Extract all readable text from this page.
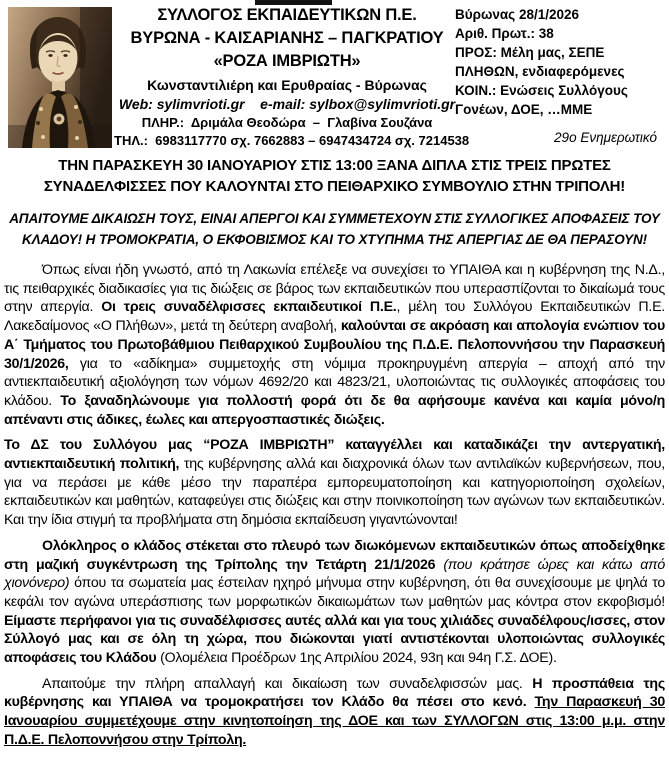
ΣΥΛΛΟΓΟΣ ΕΚΠΑΙΔΕΥΤΙΚΩΝ Π.Ε.
ΒΥΡΩΝΑ - ΚΑΙΣΑΡΙΑΝΗΣ – ΠΑΓΚΡΑΤΙΟΥ
«ΡΟΖΑ ΙΜΒΡΙΩΤΗ»
Κωνσταντιλιέρη και Ερυθραίας - Βύρωνας
Web: sylimvrioti.gr    e-mail: sylbox@sylimvrioti.gr
ΠΛΗΡ.:  Δριμάλα Θεοδώρα  –  Γλαβίνα Σουζάνα
ΤΗΛ.:  6983117770 σχ. 7662883 – 6947434724 σχ. 7214538
Βύρωνας 28/1/2026
Αριθ. Πρωτ.: 38
ΠΡΟΣ: Μέλη μας, ΣΕΠΕ
ΠΛΗΘΩΝ, ενδιαφερόμενες
ΚΟΙΝ.: Ενώσεις Συλλόγους
Γονέων, ΔΟΕ, …ΜΜΕ
29ο Ενημερωτικό
ΤΗΝ ΠΑΡΑΣΚΕΥΗ 30 ΙΑΝΟΥΑΡΙΟΥ ΣΤΙΣ 13:00 ΞΑΝΑ ΔΙΠΛΑ ΣΤΙΣ ΤΡΕΙΣ ΠΡΩΤΕΣ ΣΥΝΑΔΕΛΦΙΣΣΕΣ ΠΟΥ ΚΑΛΟΥΝΤΑΙ ΣΤΟ ΠΕΙΘΑΡΧΙΚΟ ΣΥΜΒΟΥΛΙΟ ΣΤΗΝ ΤΡΙΠΟΛΗ!
ΑΠΑΙΤΟΥΜΕ ΔΙΚΑΙΩΣΗ ΤΟΥΣ, ΕΙΝΑΙ ΑΠΕΡΓΟΙ ΚΑΙ ΣΥΜΜΕΤΕΧΟΥΝ ΣΤΙΣ ΣΥΛΛΟΓΙΚΕΣ ΑΠΟΦΑΣΕΙΣ ΤΟΥ ΚΛΑΔΟΥ! Η ΤΡΟΜΟΚΡΑΤΙΑ, Ο ΕΚΦΟΒΙΣΜΟΣ ΚΑΙ ΤΟ ΧΤΥΠΗΜΑ ΤΗΣ ΑΠΕΡΓΙΑΣ ΔΕ ΘΑ ΠΕΡΑΣΟΥΝ!

Όπως είναι ήδη γνωστό, από τη Λακωνία επέλεξε να συνεχίσει το ΥΠΑΙΘΑ και η κυβέρνηση της Ν.Δ., τις πειθαρχικές διαδικασίες για τις διώξεις σε βάρος των εκπαιδευτικών που υπερασπίζονται το δικαίωμά τους στην απεργία. Οι τρεις συναδέλφισσες εκπαιδευτικοί Π.Ε., μέλη του Συλλόγου Εκπαιδευτικών Π.Ε. Λακεδαίμονος «Ο Πλήθων», μετά τη δεύτερη αναβολή, καλούνται σε ακρόαση και απολογία ενώπιον του Α΄ Τμήματος του Πρωτοβάθμιου Πειθαρχικού Συμβουλίου της Π.Δ.Ε. Πελοποννήσου την Παρασκευή 30/1/2026, για το «αδίκημα» συμμετοχής στη νόμιμα προκηρυγμένη απεργία – αποχή από την αντιεκπαιδευτική αξιολόγηση των νόμων 4692/20 και 4823/21, υλοποιώντας τις συλλογικές αποφάσεις του κλάδου. Το ξαναδηλώνουμε για πολλοστή φορά ότι δε θα αφήσουμε κανένα και καμία μόνο/η απέναντι στις άδικες, έωλες και απεργοσπαστικές διώξεις.

Το ΔΣ του Συλλόγου μας “ΡΟΖΑ ΙΜΒΡΙΩΤΗ” καταγγέλλει και καταδικάζει την αντεργατική, αντιεκπαιδευτική πολιτική, της κυβέρνησης αλλά και διαχρονικά όλων των αντιλαϊκών κυβερνήσεων, που, για να περάσει με κάθε μέσο την παραπέρα εμπορευματοποίηση και κατηγοριοποίηση σχολείων, εκπαιδευτικών και μαθητών, καταφεύγει στις διώξεις και στην ποινικοποίηση των αγώνων των εκπαιδευτικών. Και την ίδια στιγμή τα προβλήματα στη δημόσια εκπαίδευση γιγαντώνονται!

Ολόκληρος ο κλάδος στέκεται στο πλευρό των διωκόμενων εκπαιδευτικών όπως αποδείχθηκε στη μαζική συγκέντρωση της Τρίπολης την Τετάρτη 21/1/2026 (που κράτησε ώρες και κάτω από χιονόνερο) όπου τα σωματεία μας έστειλαν ηχηρό μήνυμα στην κυβέρνηση, ότι θα συνεχίσουμε με ψηλά το κεφάλι τον αγώνα υπεράσπισης των μορφωτικών δικαιωμάτων των μαθητών μας κόντρα στον εκφοβισμό! Είμαστε περήφανοι για τις συναδέλφισσες αυτές αλλά και για τους χιλιάδες συναδέλφους/ισσες, στον Σύλλογό μας και σε όλη τη χώρα, που διώκονται γιατί αντιστέκονται υλοποιώντας συλλογικές αποφάσεις του Κλάδου (Ολομέλεια Προέδρων 1ης Απριλίου 2024, 93η και 94η Γ.Σ. ΔΟΕ).

Απαιτούμε την πλήρη απαλλαγή και δικαίωση των συναδελφισσών μας. Η προσπάθεια της κυβέρνησης και ΥΠΑΙΘΑ να τρομοκρατήσει τον Κλάδο θα πέσει στο κενό. Την Παρασκευή 30 Ιανουαρίου συμμετέχουμε στην κινητοποίηση της ΔΟΕ και των ΣΥΛΛΟΓΩΝ στις 13:00 μ.μ. στην Π.Δ.Ε. Πελοποννήσου στην Τρίπολη.
